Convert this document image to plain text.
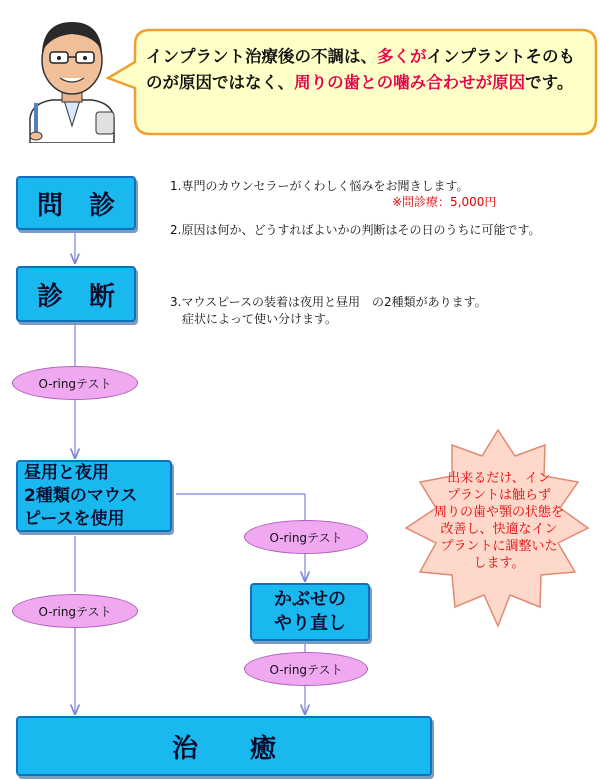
インプラント治療後の不調は、多くがインプラントそのものが原因ではなく、周りの歯との噛み合わせが原因です。
問　診
診　断
昼用と夜用
2種類のマウス
ピースを使用
かぶせの
やり直し
治　　癒
O-ringテスト
O-ringテスト
O-ringテスト
O-ringテスト
1.専門のカウンセラーがくわしく悩みをお聞きします。
※問診療：5,000円
2.原因は何か、どうすればよいかの判断はその日のうちに可能です。
3.マウスピースの装着は夜用と昼用　の2種類があります。
症状によって使い分けます。
出来るだけ、イン
プラントは触らず
周りの歯や顎の状態を
改善し、快適なイン
プラントに調整いた
します。
